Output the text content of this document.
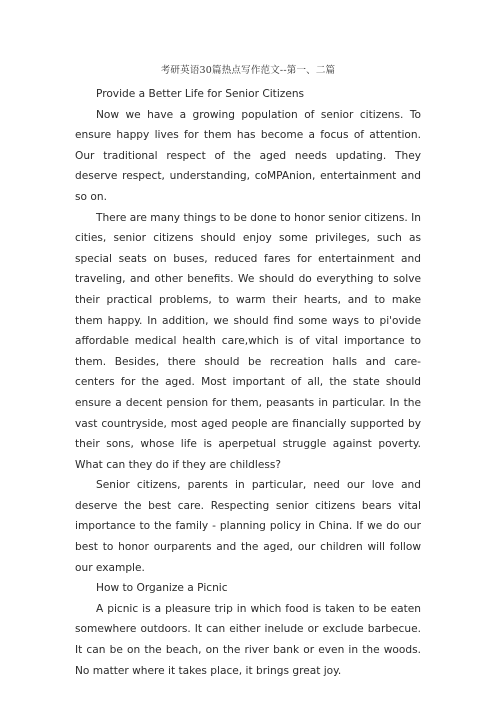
考研英语30篇热点写作范文--第一、二篇
Provide a Better Life for Senior Citizens

Now we have a growing population of senior citizens. To ensure happy lives for them has become a focus of attention. Our traditional respect of the aged needs updating. They deserve respect, understanding, coMPAnion, entertainment and so on.

There are many things to be done to honor senior citizens. In cities, senior citizens should enjoy some privileges, such as special seats on buses, reduced fares for entertainment and traveling, and other benefits. We should do everything to solve their practical problems, to warm their hearts, and to make them happy. In addition, we should find some ways to pi'ovide affordable medical health care,which is of vital importance to them. Besides, there should be recreation halls and care- centers for the aged. Most important of all, the state should ensure a decent pension for them, peasants in particular. In the vast countryside, most aged people are financially supported by their sons, whose life is aperpetual struggle against poverty. What can they do if they are childless?

Senior citizens, parents in particular, need our love and deserve the best care. Respecting senior citizens bears vital importance to the family - planning policy in China. If we do our best to honor ourparents and the aged, our children will follow our example.

How to Organize a Picnic

A picnic is a pleasure trip in which food is taken to be eaten somewhere outdoors. It can either inelude or exclude barbecue. It can be on the beach, on the river bank or even in the woods. No matter where it takes place, it brings great joy.
